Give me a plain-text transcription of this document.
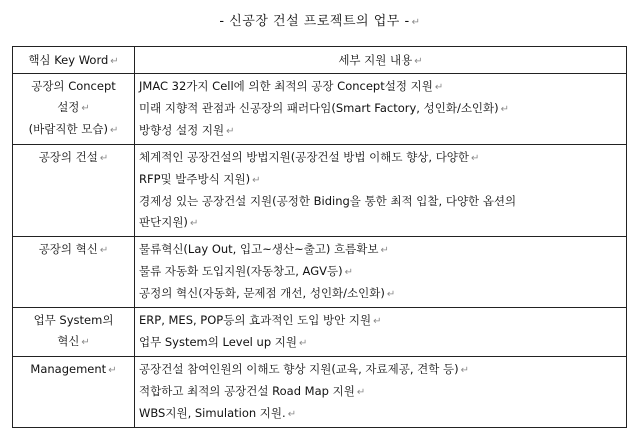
- 신공장 건설 프로젝트의 업무 - ↵
핵심 Key Word ↵	세부 지원 내용 ↵

공장의 Concept
설정 ↵
(바람직한 모습) ↵	JMAC 32가지 Cell에 의한 최적의 공장 Concept설정 지원 ↵
미래 지향적 관점과 신공장의 패러다임(Smart Factory, 성인화/소인화) ↵
방향성 설정 지원 ↵

공장의 건설 ↵	체계적인 공장건설의 방법지원(공장건설 방법 이해도 향상, 다양한 ↵
RFP및 발주방식 지원) ↵
경제성 있는 공장건설 지원(공정한 Biding을 통한 최적 입찰, 다양한 옵션의
판단지원) ↵

공장의 혁신 ↵	물류혁신(Lay Out, 입고~생산~출고) 흐름확보 ↵
물류 자동화 도입지원(자동창고, AGV등) ↵
공정의 혁신(자동화, 문제점 개선, 성인화/소인화) ↵

업무 System의
혁신 ↵	ERP, MES, POP등의 효과적인 도입 방안 지원 ↵
업무 System의 Level up 지원 ↵

Management ↵	공장건설 참여인원의 이해도 향상 지원(교육, 자료제공, 견학 등) ↵
적합하고 최적의 공장건설 Road Map 지원 ↵
WBS지원, Simulation 지원. ↵
